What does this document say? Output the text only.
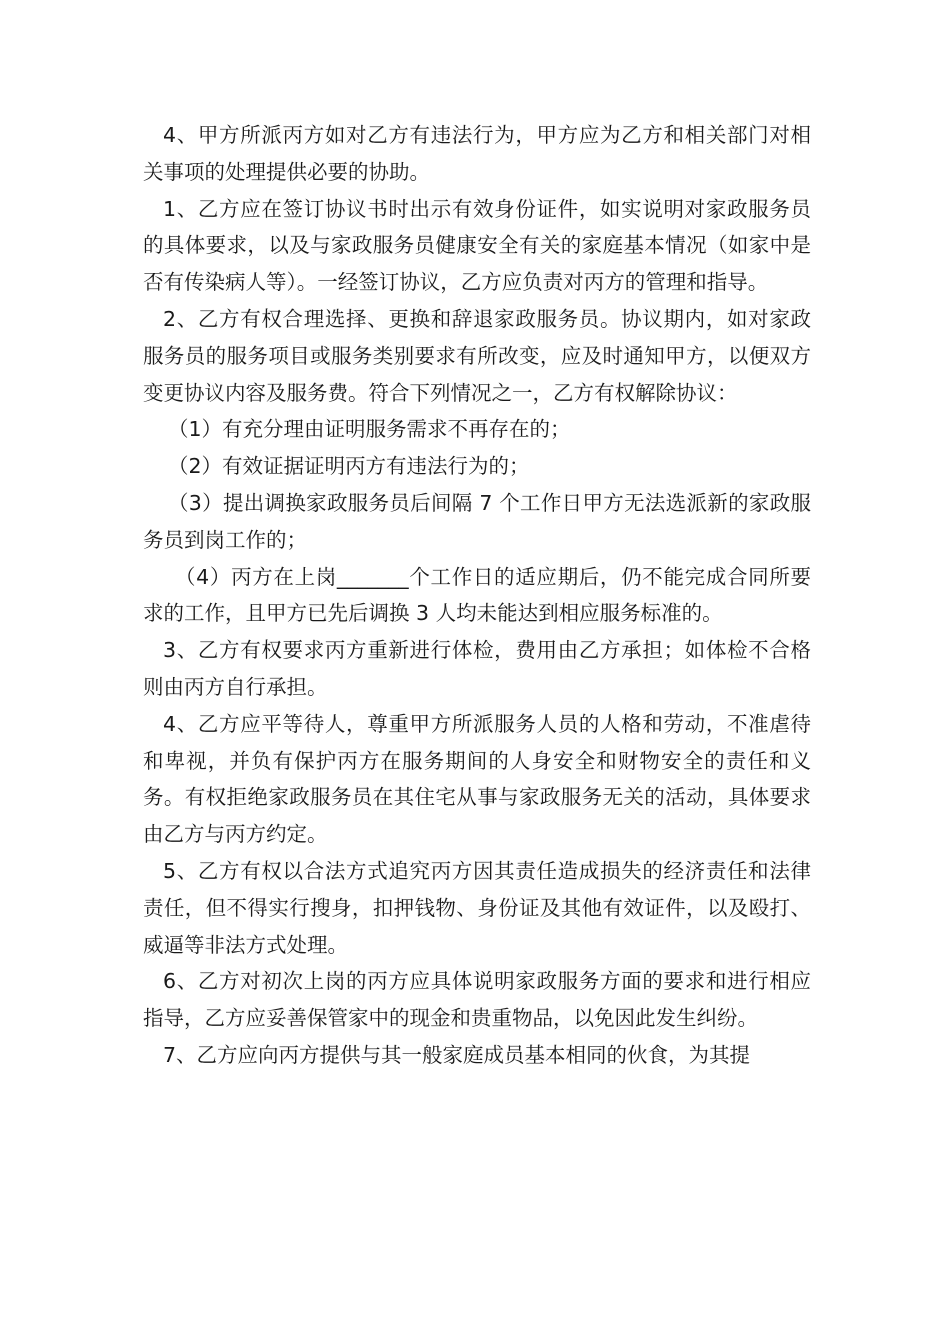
4、甲方所派丙方如对乙方有违法行为，甲方应为乙方和相关部门对相关事项的处理提供必要的协助。

1、乙方应在签订协议书时出示有效身份证件，如实说明对家政服务员的具体要求，以及与家政服务员健康安全有关的家庭基本情况（如家中是否有传染病人等）。一经签订协议，乙方应负责对丙方的管理和指导。

2、乙方有权合理选择、更换和辞退家政服务员。协议期内，如对家政服务员的服务项目或服务类别要求有所改变，应及时通知甲方，以便双方变更协议内容及服务费。符合下列情况之一，乙方有权解除协议：

（1）有充分理由证明服务需求不再存在的；

（2）有效证据证明丙方有违法行为的；

（3）提出调换家政服务员后间隔 7 个工作日甲方无法选派新的家政服务员到岗工作的；

（4）丙方在上岗_______个工作日的适应期后，仍不能完成合同所要求的工作，且甲方已先后调换 3 人均未能达到相应服务标准的。

3、乙方有权要求丙方重新进行体检，费用由乙方承担；如体检不合格则由丙方自行承担。

4、乙方应平等待人，尊重甲方所派服务人员的人格和劳动，不准虐待和卑视，并负有保护丙方在服务期间的人身安全和财物安全的责任和义务。有权拒绝家政服务员在其住宅从事与家政服务无关的活动，具体要求由乙方与丙方约定。

5、乙方有权以合法方式追究丙方因其责任造成损失的经济责任和法律责任，但不得实行搜身，扣押钱物、身份证及其他有效证件，以及殴打、威逼等非法方式处理。

6、乙方对初次上岗的丙方应具体说明家政服务方面的要求和进行相应指导，乙方应妥善保管家中的现金和贵重物品，以免因此发生纠纷。

7、乙方应向丙方提供与其一般家庭成员基本相同的伙食，为其提
